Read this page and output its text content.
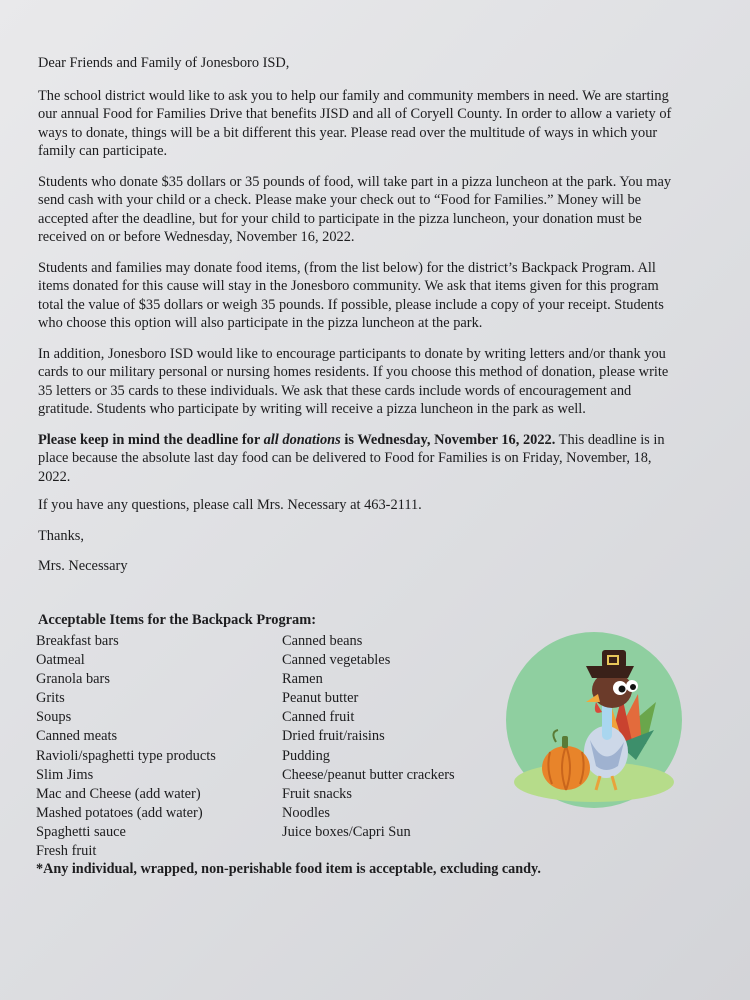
Dear Friends and Family of Jonesboro ISD,

The school district would like to ask you to help our family and community members in need. We are starting our annual Food for Families Drive that benefits JISD and all of Coryell County. In order to allow a variety of ways to donate, things will be a bit different this year. Please read over the multitude of ways in which your family can participate.

Students who donate $35 dollars or 35 pounds of food, will take part in a pizza luncheon at the park. You may send cash with your child or a check. Please make your check out to “Food for Families.” Money will be accepted after the deadline, but for your child to participate in the pizza luncheon, your donation must be received on or before Wednesday, November 16, 2022.

Students and families may donate food items, (from the list below) for the district’s Backpack Program. All items donated for this cause will stay in the Jonesboro community. We ask that items given for this program total the value of $35 dollars or weigh 35 pounds. If possible, please include a copy of your receipt. Students who choose this option will also participate in the pizza luncheon at the park.

In addition, Jonesboro ISD would like to encourage participants to donate by writing letters and/or thank you cards to our military personal or nursing homes residents. If you choose this method of donation, please write 35 letters or 35 cards to these individuals. We ask that these cards include words of encouragement and gratitude. Students who participate by writing will receive a pizza luncheon in the park as well.

Please keep in mind the deadline for all donations is Wednesday, November 16, 2022. This deadline is in place because the absolute last day food can be delivered to Food for Families is on Friday, November, 18, 2022.

If you have any questions, please call Mrs. Necessary at 463-2111.

Thanks,

Mrs. Necessary

Acceptable Items for the Backpack Program:
Breakfast bars
Oatmeal
Granola bars
Grits
Soups
Canned meats
Ravioli/spaghetti type products
Slim Jims
Mac and Cheese (add water)
Mashed potatoes (add water)
Spaghetti sauce
Fresh fruit
Canned beans
Canned vegetables
Ramen
Peanut butter
Canned fruit
Dried fruit/raisins
Pudding
Cheese/peanut butter crackers
Fruit snacks
Noodles
Juice boxes/Capri Sun
*Any individual, wrapped, non-perishable food item is acceptable, excluding candy.
